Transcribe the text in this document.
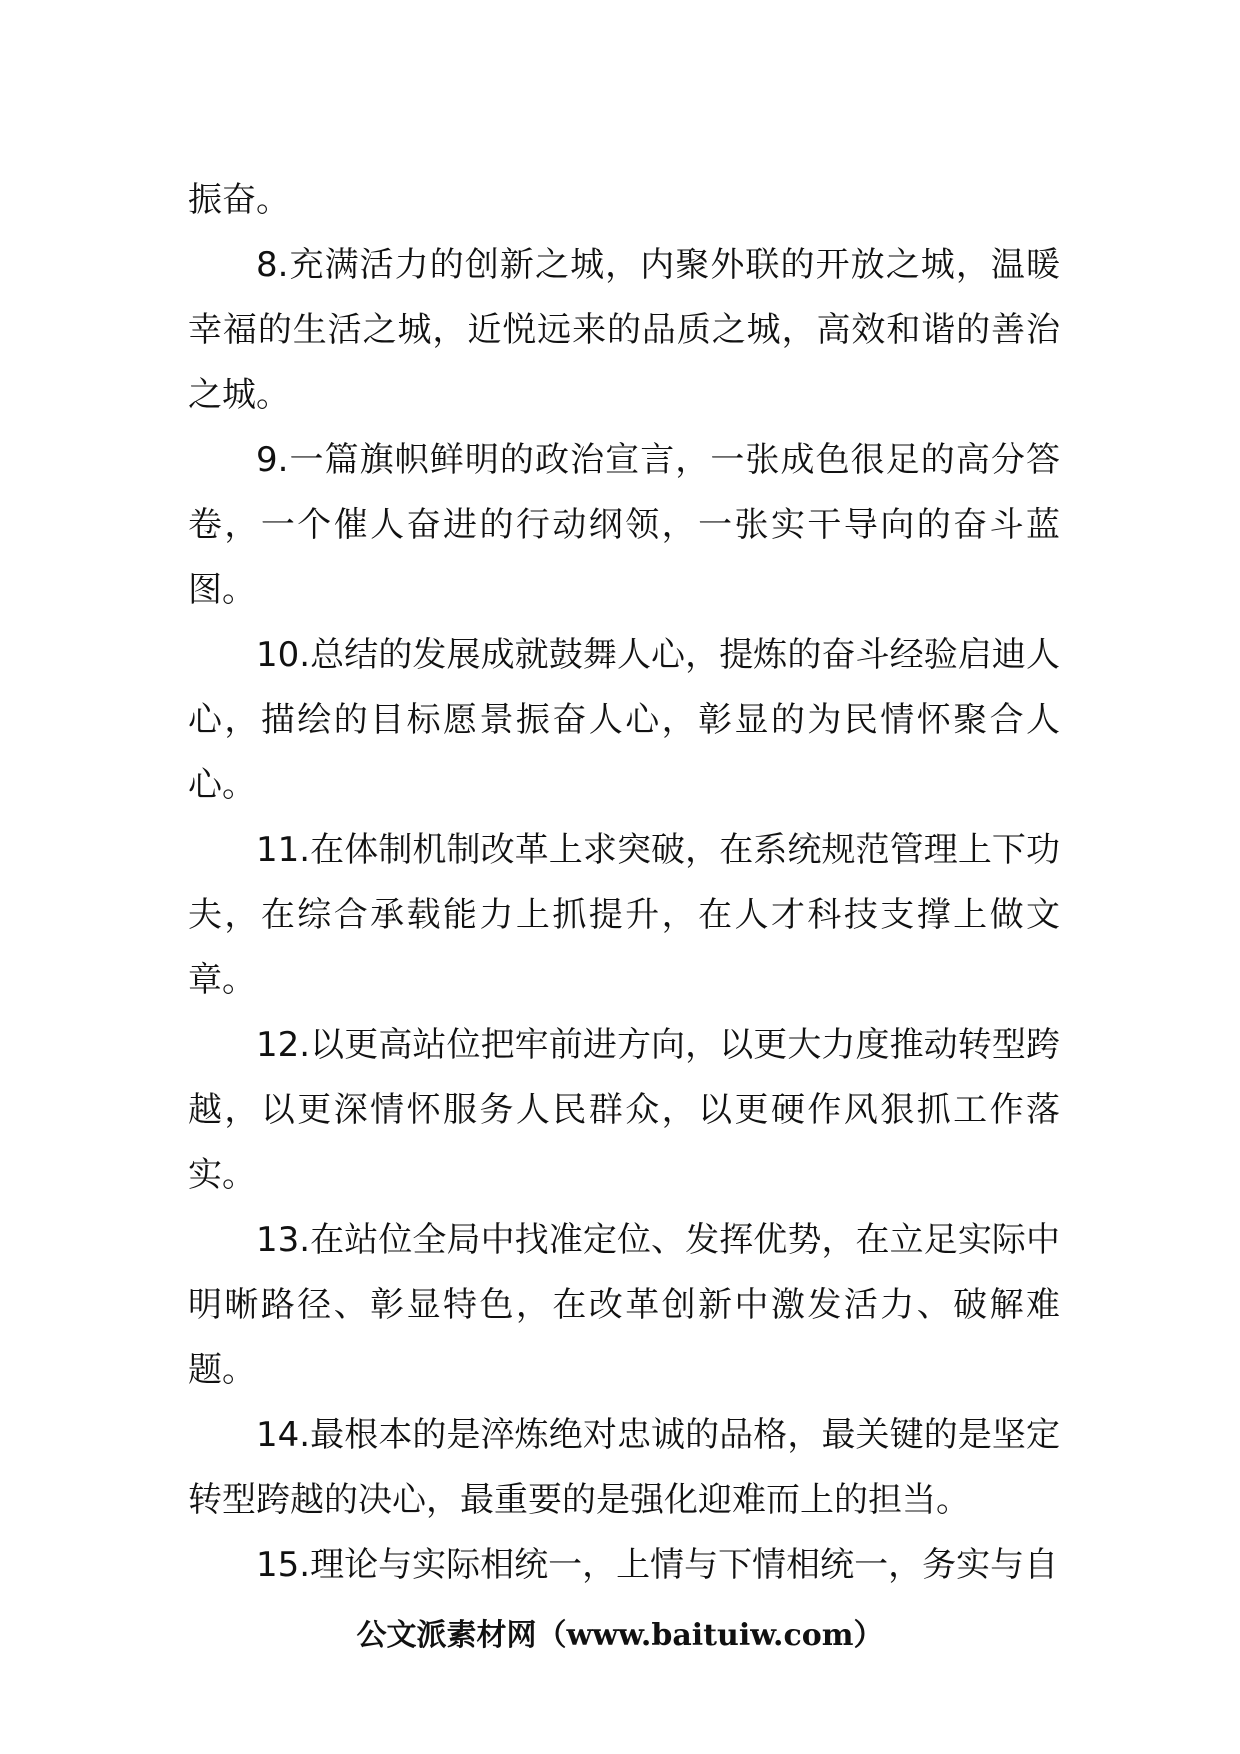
振奋。

8.充满活力的创新之城，内聚外联的开放之城，温暖幸福的生活之城，近悦远来的品质之城，高效和谐的善治之城。

9.一篇旗帜鲜明的政治宣言，一张成色很足的高分答卷，一个催人奋进的行动纲领，一张实干导向的奋斗蓝图。

10.总结的发展成就鼓舞人心，提炼的奋斗经验启迪人心，描绘的目标愿景振奋人心，彰显的为民情怀聚合人心。

11.在体制机制改革上求突破，在系统规范管理上下功夫，在综合承载能力上抓提升，在人才科技支撑上做文章。

12.以更高站位把牢前进方向，以更大力度推动转型跨越，以更深情怀服务人民群众，以更硬作风狠抓工作落实。

13.在站位全局中找准定位、发挥优势，在立足实际中明晰路径、彰显特色，在改革创新中激发活力、破解难题。

14.最根本的是淬炼绝对忠诚的品格，最关键的是坚定转型跨越的决心，最重要的是强化迎难而上的担当。

15.理论与实际相统一，上情与下情相统一，务实与自

公文派素材网（www.baituiw.com）
